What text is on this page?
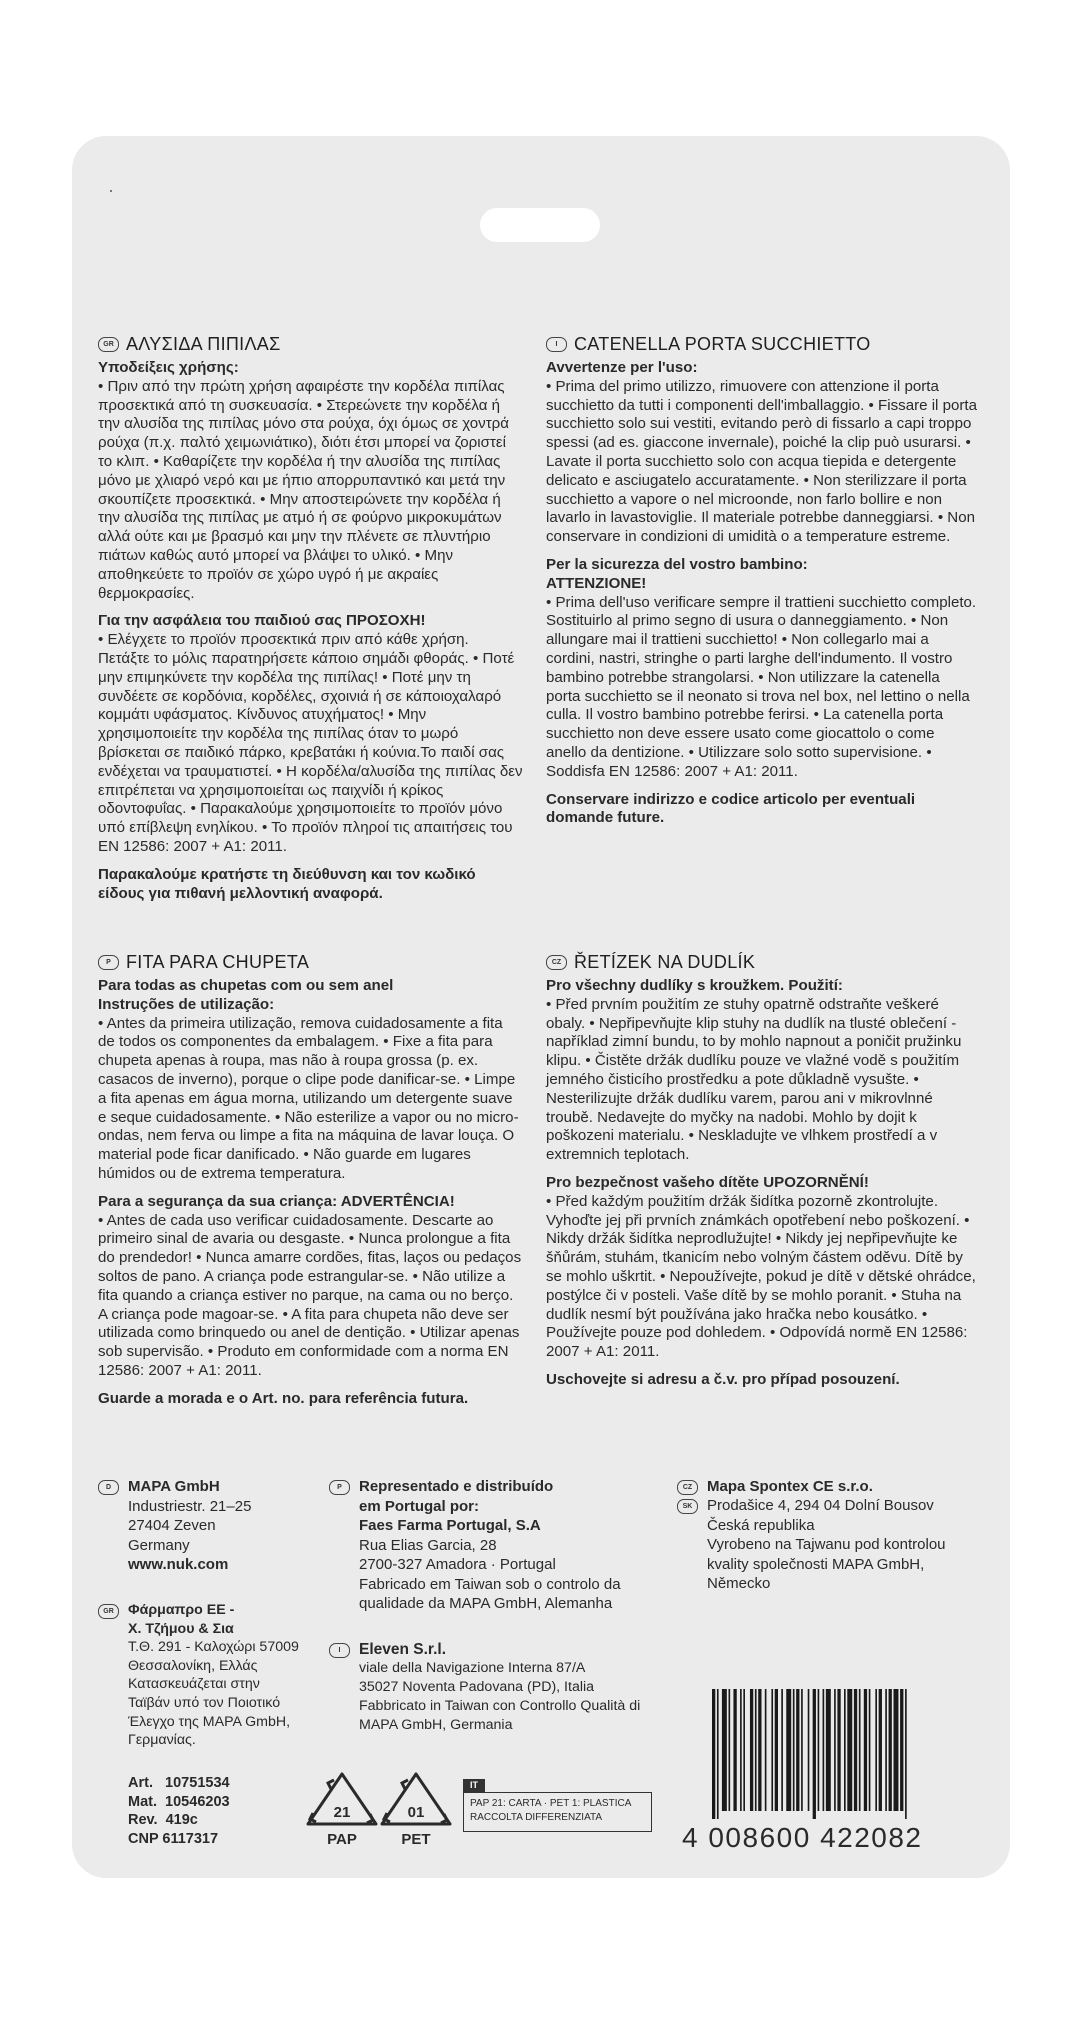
GR ΑΛΥΣΙΔΑ ΠΙΠΙΛΑΣ
Υποδείξεις χρήσης:

• Πριν από την πρώτη χρήση αφαιρέστε την κορδέλα πιπίλας προσεκτικά από τη συσκευασία. • Στερεώνετε την κορδέλα ή την αλυσίδα της πιπίλας μόνο στα ρούχα, όχι όμως σε χοντρά ρούχα (π.χ. παλτό χειμωνιάτικο), διότι έτσι μπορεί να ζοριστεί το κλιπ. • Καθαρίζετε την κορδέλα ή την αλυσίδα της πιπίλας μόνο με χλιαρό νερό και με ήπιο απορρυπαντικό και μετά την σκουπίζετε προσεκτικά. • Μην αποστειρώνετε την κορδέλα ή την αλυσίδα της πιπίλας με ατμό ή σε φούρνο μικροκυμάτων αλλά ούτε και με βρασμό και μην την πλένετε σε πλυντήριο πιάτων καθώς αυτό μπορεί να βλάψει το υλικό. • Μην αποθηκεύετε το προϊόν σε χώρο υγρό ή με ακραίες θερμοκρασίες.

Για την ασφάλεια του παιδιού σας ΠΡΟΣΟΧΗ!

• Ελέγχετε το προϊόν προσεκτικά πριν από κάθε χρήση. Πετάξτε το μόλις παρατηρήσετε κάποιο σημάδι φθοράς. • Ποτέ μην επιμηκύνετε την κορδέλα της πιπίλας! • Ποτέ μην τη συνδέετε σε κορδόνια, κορδέλες, σχοινιά ή σε κάποιοχαλαρό κομμάτι υφάσματος. Κίνδυνος ατυχήματος! • Μην χρησιμοποιείτε την κορδέλα της πιπίλας όταν το μωρό βρίσκεται σε παιδικό πάρκο, κρεβατάκι ή κούνια.Το παιδί σας ενδέχεται να τραυματιστεί. • Η κορδέλα/αλυσίδα της πιπίλας δεν επιτρέπεται να χρησιμοποιείται ως παιχνίδι ή κρίκος οδοντοφυΐας. • Παρακαλούμε χρησιμοποιείτε το προϊόν μόνο υπό επίβλεψη ενηλίκου. • Το προϊόν πληροί τις απαιτήσεις του EN 12586: 2007 + A1: 2011.

Παρακαλούμε κρατήστε τη διεύθυνση και τον κωδικό είδους για πιθανή μελλοντική αναφορά.
I CATENELLA PORTA SUCCHIETTO
Avvertenze per l'uso:

• Prima del primo utilizzo, rimuovere con attenzione il porta succhietto da tutti i componenti dell'imballaggio. • Fissare il porta succhietto solo sui vestiti, evitando però di fissarlo a capi troppo spessi (ad es. giaccone invernale), poiché la clip può usurarsi. • Lavate il porta succhietto solo con acqua tiepida e detergente delicato e asciugatelo accuratamente. • Non sterilizzare il porta succhietto a vapore o nel microonde, non farlo bollire e non lavarlo in lavastoviglie. Il materiale potrebbe danneggiarsi. • Non conservare in condizioni di umidità o a temperature estreme.

Per la sicurezza del vostro bambino:
ATTENZIONE!

• Prima dell'uso verificare sempre il trattieni succhietto completo. Sostituirlo al primo segno di usura o danneggiamento. • Non allungare mai il trattieni succhietto! • Non collegarlo mai a cordini, nastri, stringhe o parti larghe dell'indumento. Il vostro bambino potrebbe strangolarsi. • Non utilizzare la catenella porta succhietto se il neonato si trova nel box, nel lettino o nella culla. Il vostro bambino potrebbe ferirsi. • La catenella porta succhietto non deve essere usato come giocattolo o come anello da dentizione. • Utilizzare solo sotto supervisione. • Soddisfa EN 12586: 2007 + A1: 2011.

Conservare indirizzo e codice articolo per eventuali domande future.
P FITA PARA CHUPETA
Para todas as chupetas com ou sem anel
Instruções de utilização:

• Antes da primeira utilização, remova cuidadosamente a fita de todos os componentes da embalagem. • Fixe a fita para chupeta apenas à roupa, mas não à roupa grossa (p. ex. casacos de inverno), porque o clipe pode danificar-se. • Limpe a fita apenas em água morna, utilizando um detergente suave e seque cuidadosamente. • Não esterilize a vapor ou no micro-ondas, nem ferva ou limpe a fita na máquina de lavar louça. O material pode ficar danificado. • Não guarde em lugares húmidos ou de extrema temperatura.

Para a segurança da sua criança: ADVERTÊNCIA!

• Antes de cada uso verificar cuidadosamente. Descarte ao primeiro sinal de avaria ou desgaste. • Nunca prolongue a fita do prendedor! • Nunca amarre cordões, fitas, laços ou pedaços soltos de pano. A criança pode estrangular-se. • Não utilize a fita quando a criança estiver no parque, na cama ou no berço. A criança pode magoar-se. • A fita para chupeta não deve ser utilizada como brinquedo ou anel de dentição. • Utilizar apenas sob supervisão. • Produto em conformidade com a norma EN 12586: 2007 + A1: 2011.

Guarde a morada e o Art. no. para referência futura.
CZ ŘETÍZEK NA DUDLÍK
Pro všechny dudlíky s kroužkem. Použití:

• Před prvním použitím ze stuhy opatrně odstraňte veškeré obaly. • Nepřipevňujte klip stuhy na dudlík na tlusté oblečení - například zimní bundu, to by mohlo napnout a poničit pružinku klipu. • Čistěte držák dudlíku pouze ve vlažné vodě s použitím jemného čisticího prostředku a pote důkladně vysušte. • Nesterilizujte držák dudlíku varem, parou ani v mikrovlnné troubě. Nedavejte do myčky na nadobi. Mohlo by dojit k poškozeni materialu. • Neskladujte ve vlhkem prostředí a v extremnich teplotach.

Pro bezpečnost vašeho dítěte UPOZORNĚNÍ!

• Před každým použitím držák šidítka pozorně zkontrolujte. Vyhoďte jej při prvních známkách opotřebení nebo poškození. • Nikdy držák šidítka neprodlužujte! • Nikdy jej nepřipevňujte ke šňůrám, stuhám, tkanicím nebo volným částem oděvu. Dítě by se mohlo uškrtit. • Nepoužívejte, pokud je dítě v dětské ohrádce, postýlce či v posteli. Vaše dítě by se mohlo poranit. • Stuha na dudlík nesmí být používána jako hračka nebo kousátko. • Používejte pouze pod dohledem. • Odpovídá normě EN 12586: 2007 + A1: 2011.

Uschovejte si adresu a č.v. pro případ posouzení.
D	MAPA GmbH
Industriestr. 21–25
27404 Zeven
Germany
www.nuk.com
P	Representado e distribuído
em Portugal por:
Faes Farma Portugal, S.A
Rua Elias Garcia, 28
2700-327 Amadora · Portugal
Fabricado em Taiwan sob o controlo da
qualidade da MAPA GmbH, Alemanha
CZ Mapa Spontex CE s.r.o.
SK Prodašice 4, 294 04 Dolní Bousov
Česká republika
Vyrobeno na Tajwanu pod kontrolou
kvality společnosti MAPA GmbH,
Německo
GR	Φάρμαπρο ΕΕ -
Χ. Τζήμου & Σια
Τ.Θ. 291 - Καλοχώρι 57009
Θεσσαλονίκη, Ελλάς
Κατασκευάζεται στην
Ταϊβάν υπό τον Ποιοτικό
Έλεγχο της MAPA GmbH,
Γερμανίας.
I	Eleven S.r.l.
viale della Navigazione Interna 87/A
35027 Noventa Padovana (PD), Italia
Fabbricato in Taiwan con Controllo Qualità di
MAPA GmbH, Germania
Art.   10751534
Mat.  10546203
Rev.  419c
CNP 6117317
21
PAP
01
PET
IT
PAP 21: CARTA · PET 1: PLASTICA
RACCOLTA DIFFERENZIATA
4 008600 422082
